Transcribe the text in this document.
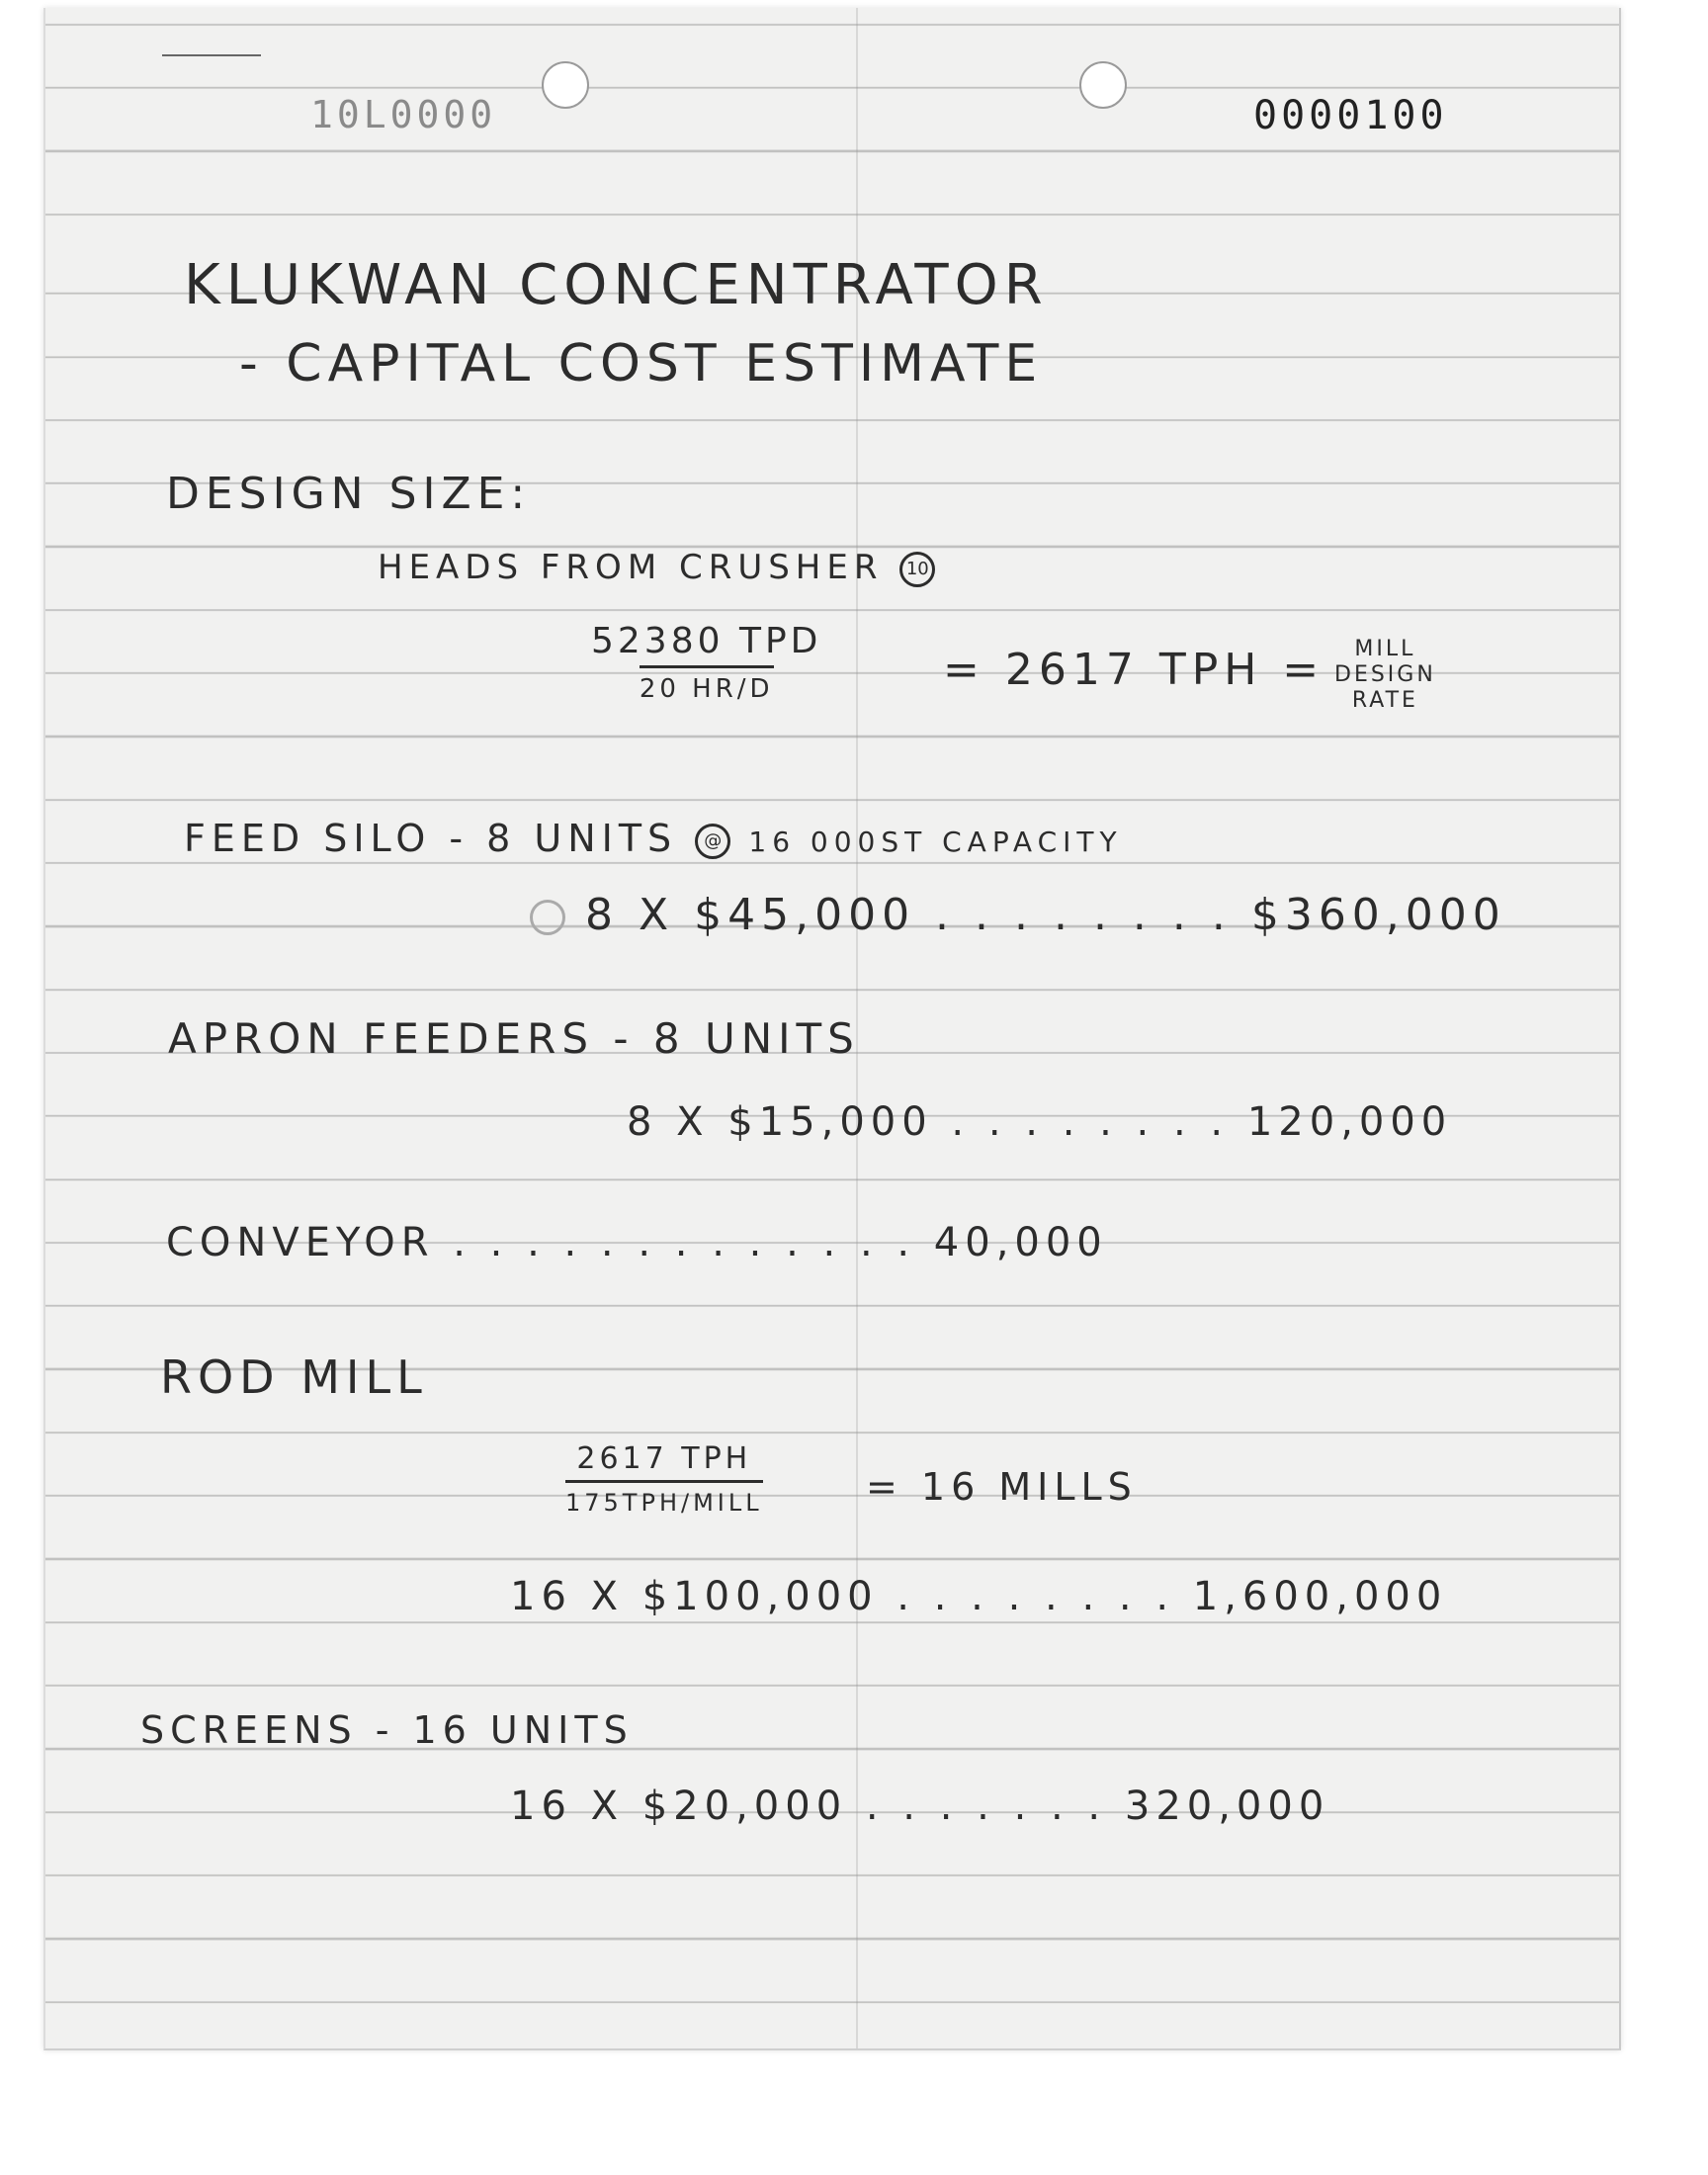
10L0000	0000100
KLUKWAN CONCENTRATOR
- CAPITAL COST ESTIMATE
DESIGN SIZE:
HEADS FROM CRUSHER 10
52380 TPD
20 HR/D	= 2617 TPH = MILL
DESIGN
RATE
FEED SILO - 8 UNITS @ 16 000ST CAPACITY
8 X $45,000 . . . . . . . . $360,000
APRON FEEDERS - 8 UNITS
8 X $15,000 . . . . . . . . 120,000
CONVEYOR . . . . . . . . . . . . . 40,000
ROD MILL
2617 TPH
175TPH/MILL	= 16 MILLS
16 X $100,000 . . . . . . . . 1,600,000
SCREENS - 16 UNITS
16 X $20,000 . . . . . . . 320,000
